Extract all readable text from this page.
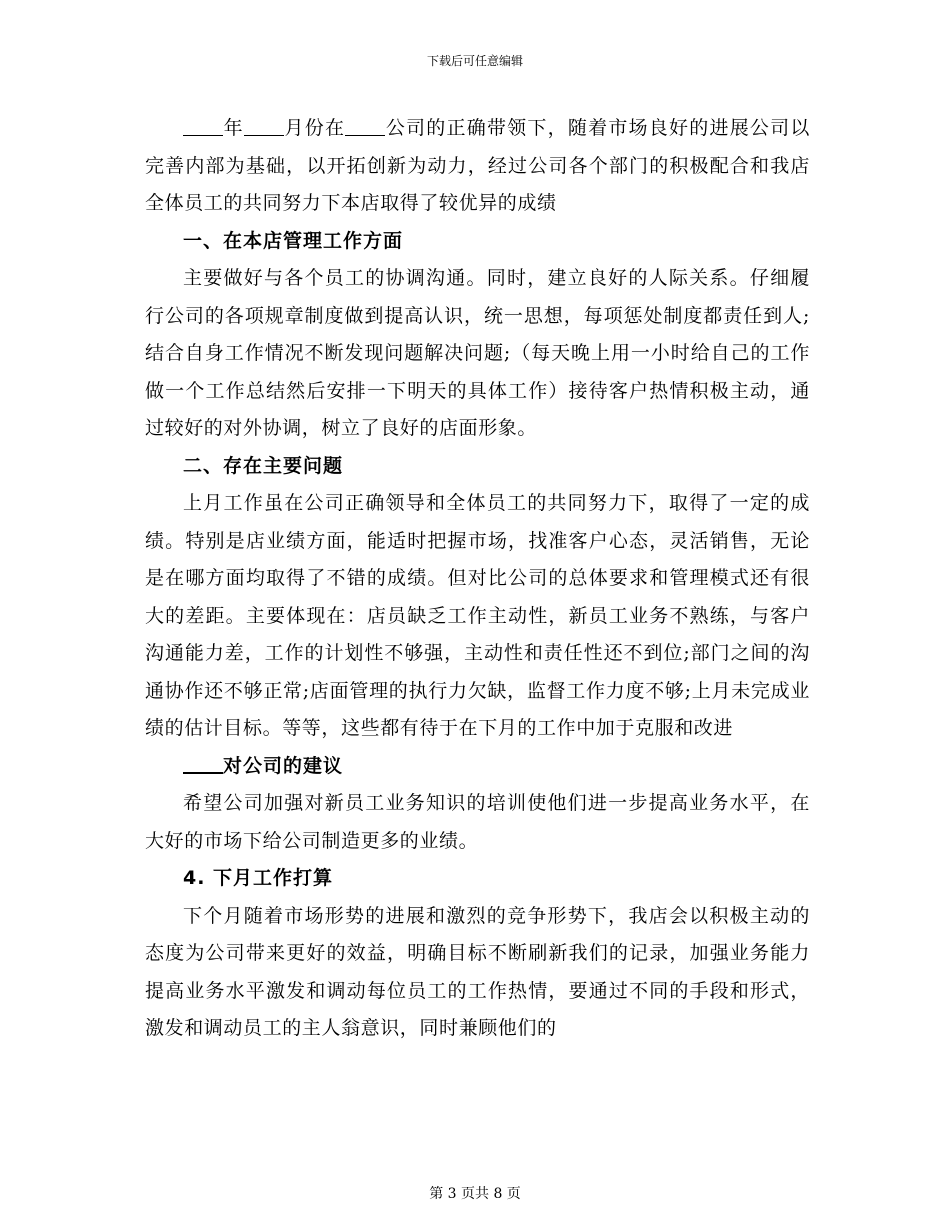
下载后可任意编辑

年 月份在 公司的正确带领下，随着市场良好的进展公司以完善内部为基础，以开拓创新为动力，经过公司各个部门的积极配合和我店全体员工的共同努力下本店取得了较优异的成绩

一、在本店管理工作方面

主要做好与各个员工的协调沟通。同时，建立良好的人际关系。仔细履行公司的各项规章制度做到提高认识，统一思想，每项惩处制度都责任到人;结合自身工作情况不断发现问题解决问题;（每天晚上用一小时给自己的工作做一个工作总结然后安排一下明天的具体工作）接待客户热情积极主动，通过较好的对外协调，树立了良好的店面形象。

二、存在主要问题

上月工作虽在公司正确领导和全体员工的共同努力下，取得了一定的成绩。特别是店业绩方面，能适时把握市场，找准客户心态，灵活销售，无论是在哪方面均取得了不错的成绩。但对比公司的总体要求和管理模式还有很大的差距。主要体现在：店员缺乏工作主动性，新员工业务不熟练，与客户沟通能力差，工作的计划性不够强，主动性和责任性还不到位;部门之间的沟通协作还不够正常;店面管理的执行力欠缺，监督工作力度不够;上月未完成业绩的估计目标。等等，这些都有待于在下月的工作中加于克服和改进

对公司的建议

希望公司加强对新员工业务知识的培训使他们进一步提高业务水平，在大好的市场下给公司制造更多的业绩。

4. 下月工作打算

下个月随着市场形势的进展和激烈的竞争形势下，我店会以积极主动的态度为公司带来更好的效益，明确目标不断刷新我们的记录，加强业务能力提高业务水平激发和调动每位员工的工作热情，要通过不同的手段和形式，激发和调动员工的主人翁意识，同时兼顾他们的

第 3 页共 8 页
